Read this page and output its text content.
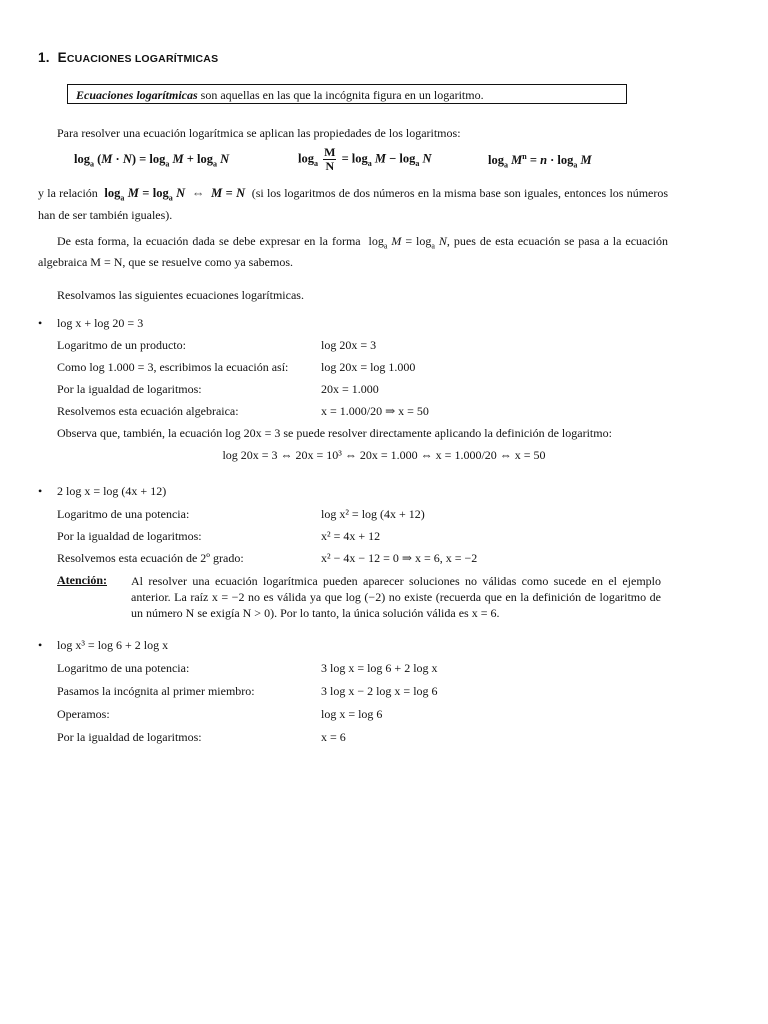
1. ECUACIONES LOGARÍTMICAS
Ecuaciones logarítmicas son aquellas en las que la incógnita figura en un logaritmo.
Para resolver una ecuación logarítmica se aplican las propiedades de los logaritmos:
$\log_a (M \cdot N) = \log_a M + \log_a N$	$\log_a \frac{M}{N} = \log_a M - \log_a N$	$\log_a M^n = n \cdot \log_a M$
y la relación  $\log_a M = \log_a N$  ⇔  M = N (si los logaritmos de dos números en la misma base son iguales, entonces los números han de ser también iguales).
De esta forma, la ecuación dada se debe expresar en la forma  $\log_a M = \log_a N$, pues de esta ecuación se pasa a la ecuación algebraica M = N, que se resuelve como ya sabemos.
Resolvamos las siguientes ecuaciones logarítmicas.
• log x + log 20 = 3
Logaritmo de un producto:	log 20x = 3
Como log 1.000 = 3, escribimos la ecuación así:	log 20x = log 1.000
Por la igualdad de logaritmos:	20x = 1.000
Resolvemos esta ecuación algebraica:	x = 1.000/20 ⇒ x = 50
Observa que, también, la ecuación log 20x = 3 se puede resolver directamente aplicando la definición de logaritmo:
log 20x = 3 ⇔ 20x = 10³ ⇔ 20x = 1.000 ⇔ x = 1.000/20 ⇔ x = 50
• 2 log x = log (4x + 12)
Logaritmo de una potencia:	log x² = log (4x + 12)
Por la igualdad de logaritmos:	x² = 4x + 12
Resolvemos esta ecuación de 2º grado:	x² − 4x − 12 = 0 ⇒ x = 6, x = −2
Atención: Al resolver una ecuación logarítmica pueden aparecer soluciones no válidas como sucede en el ejemplo anterior. La raíz x = −2 no es válida ya que log (−2) no existe (recuerda que en la definición de logaritmo de un número N se exigía N > 0). Por lo tanto, la única solución válida es x = 6.
• log x³ = log 6 + 2 log x
Logaritmo de una potencia:	3 log x = log 6 + 2 log x
Pasamos la incógnita al primer miembro:	3 log x − 2 log x = log 6
Operamos:	log x = log 6
Por la igualdad de logaritmos:	x = 6
